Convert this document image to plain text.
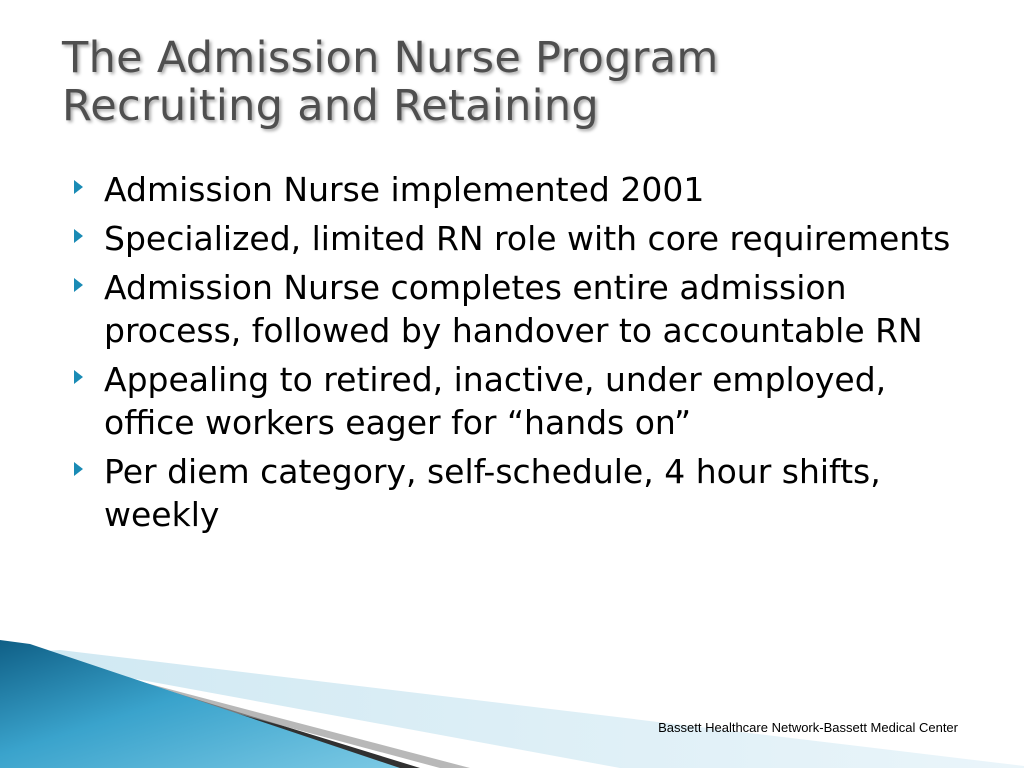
The Admission Nurse Program
Recruiting and Retaining
Admission Nurse implemented 2001
Specialized, limited RN role with core requirements
Admission Nurse completes entire admission process, followed by handover to accountable RN
Appealing to retired, inactive, under employed, office workers eager for “hands on”
Per diem category, self-schedule, 4 hour shifts, weekly
Bassett Healthcare Network-Bassett Medical Center
